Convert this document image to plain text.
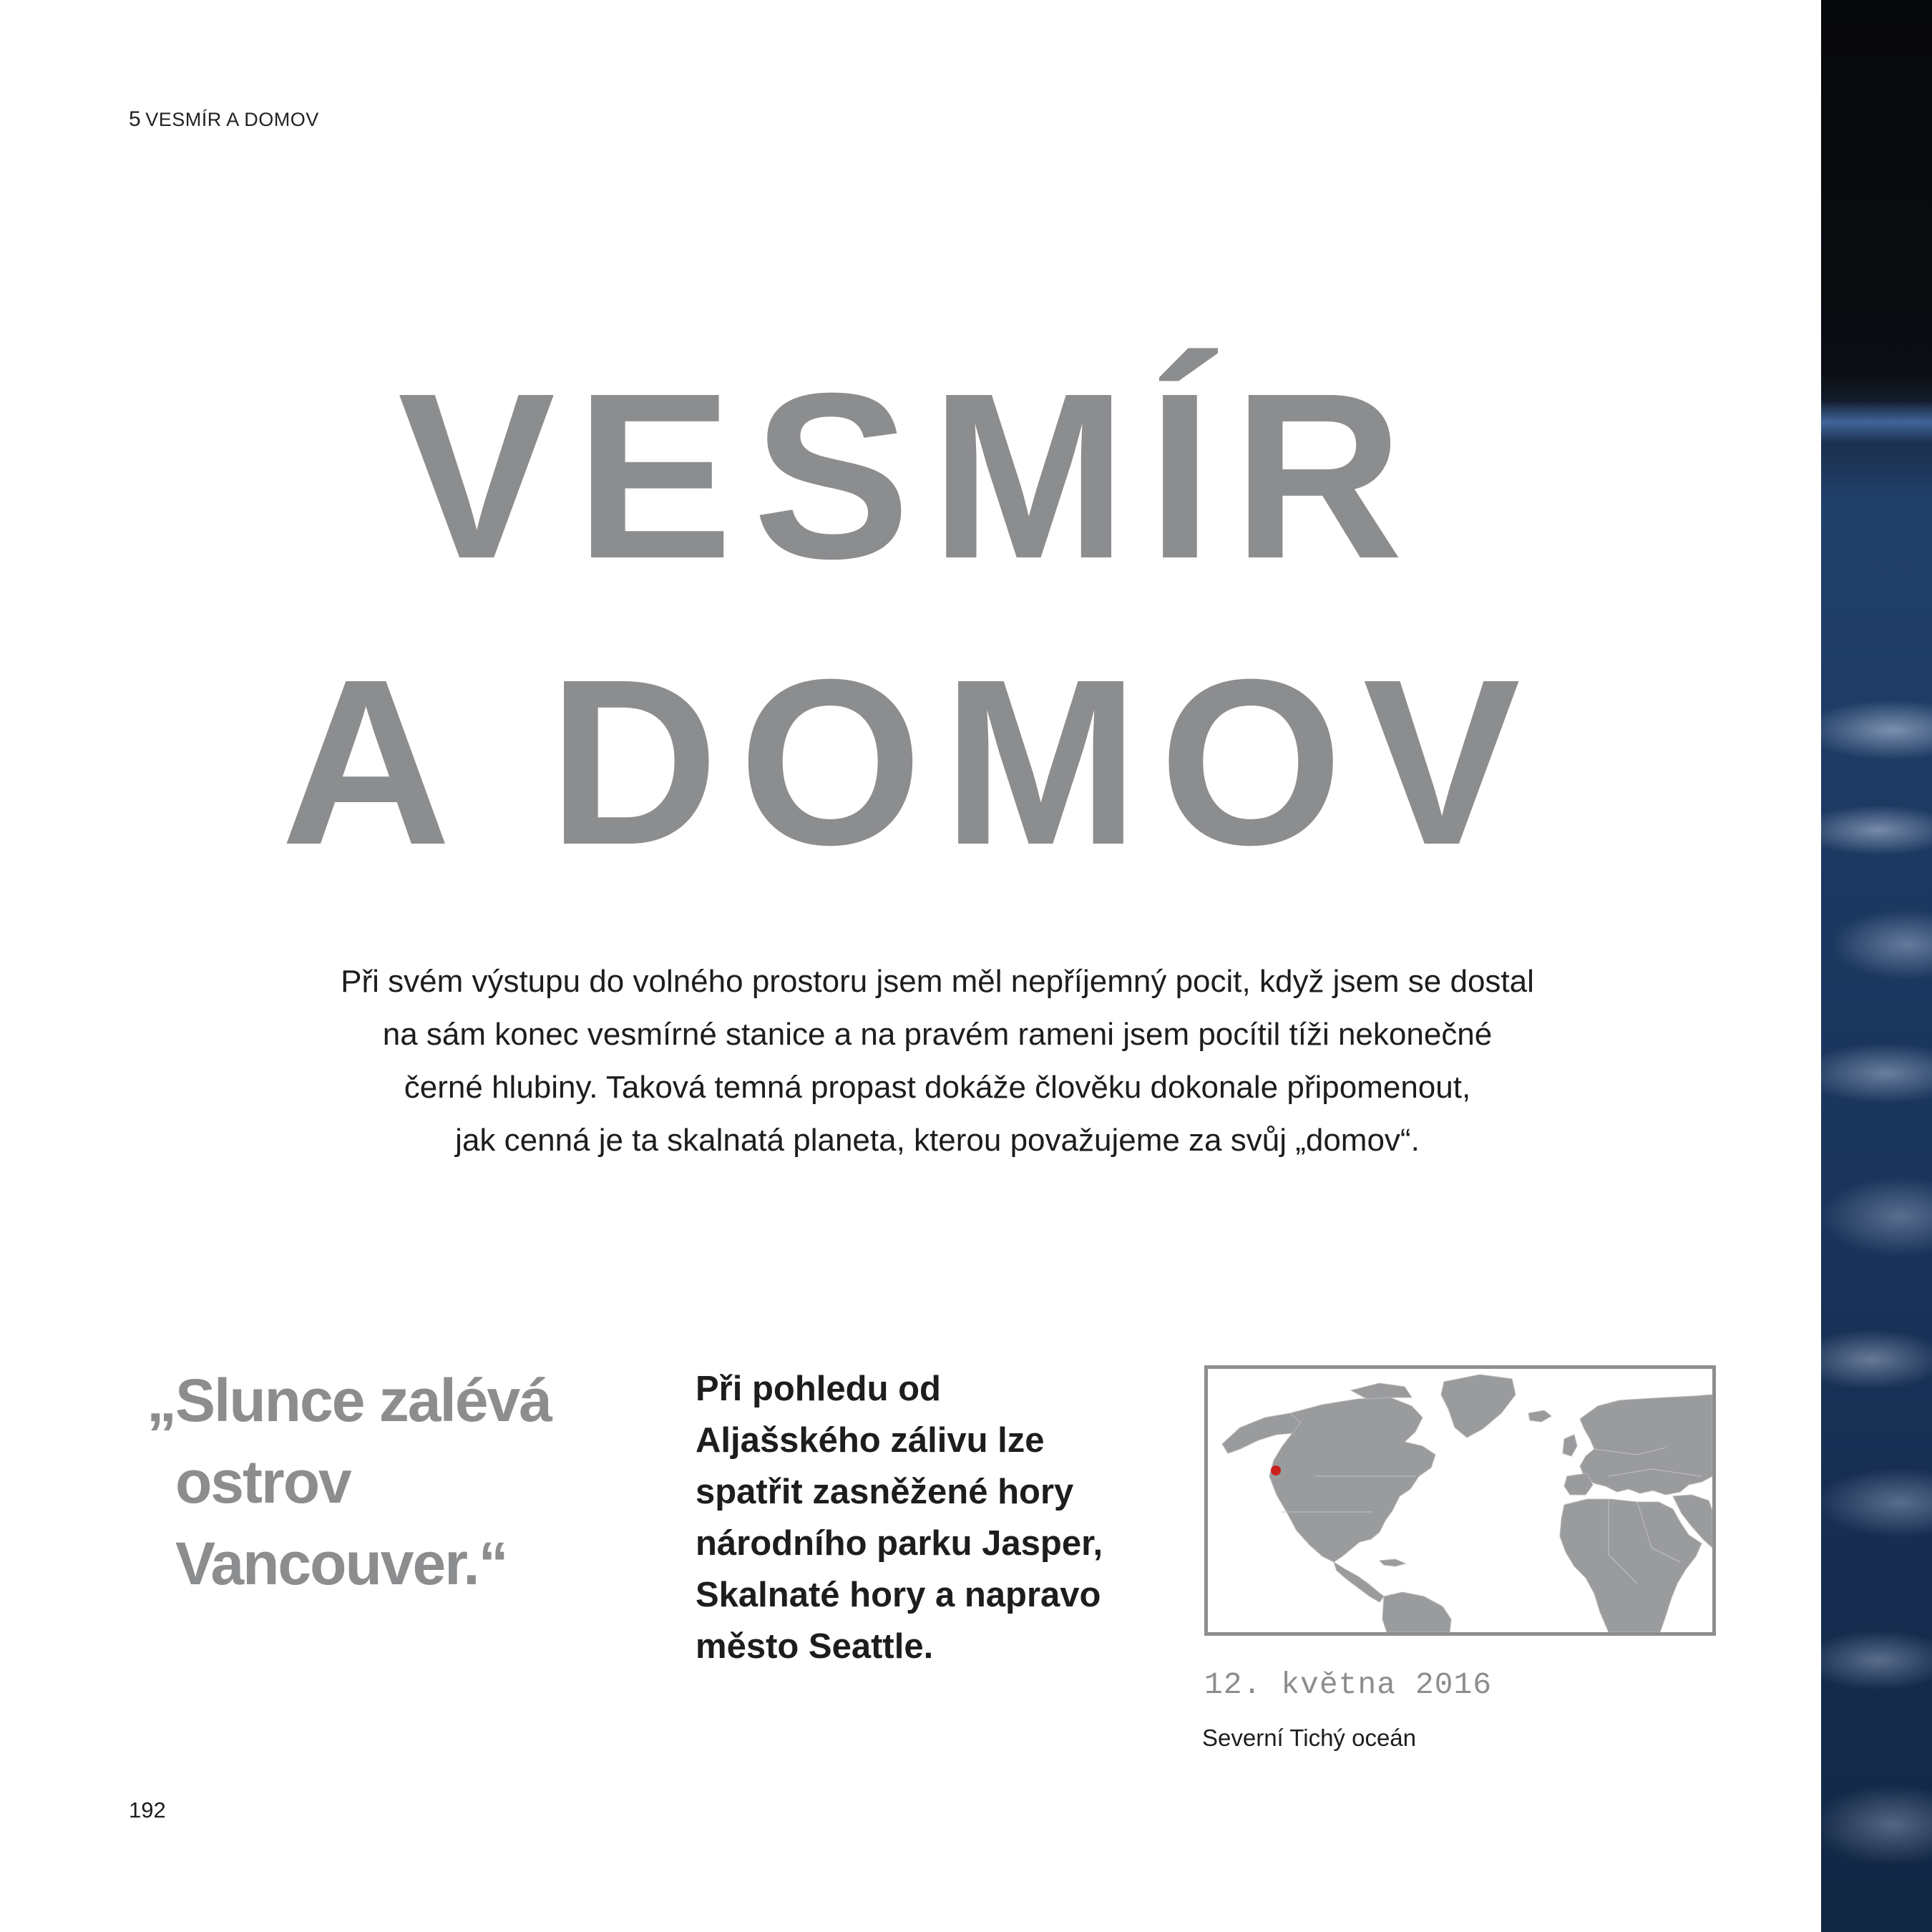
5 VESMÍR A DOMOV
VESMÍR
A DOMOV
Při svém výstupu do volného prostoru jsem měl nepříjemný pocit, když jsem se dostal
na sám konec vesmírné stanice a na pravém rameni jsem pocítil tíži nekonečné
černé hlubiny. Taková temná propast dokáže člověku dokonale připomenout,
jak cenná je ta skalnatá planeta, kterou považujeme za svůj „domov“.
„Slunce zalévá
ostrov Vancouver.“
Při pohledu od
Aljašského zálivu lze
spatřit zasněžené hory
národního parku Jasper,
Skalnaté hory a napravo
město Seattle.
12. května 2016
Severní Tichý oceán
192
